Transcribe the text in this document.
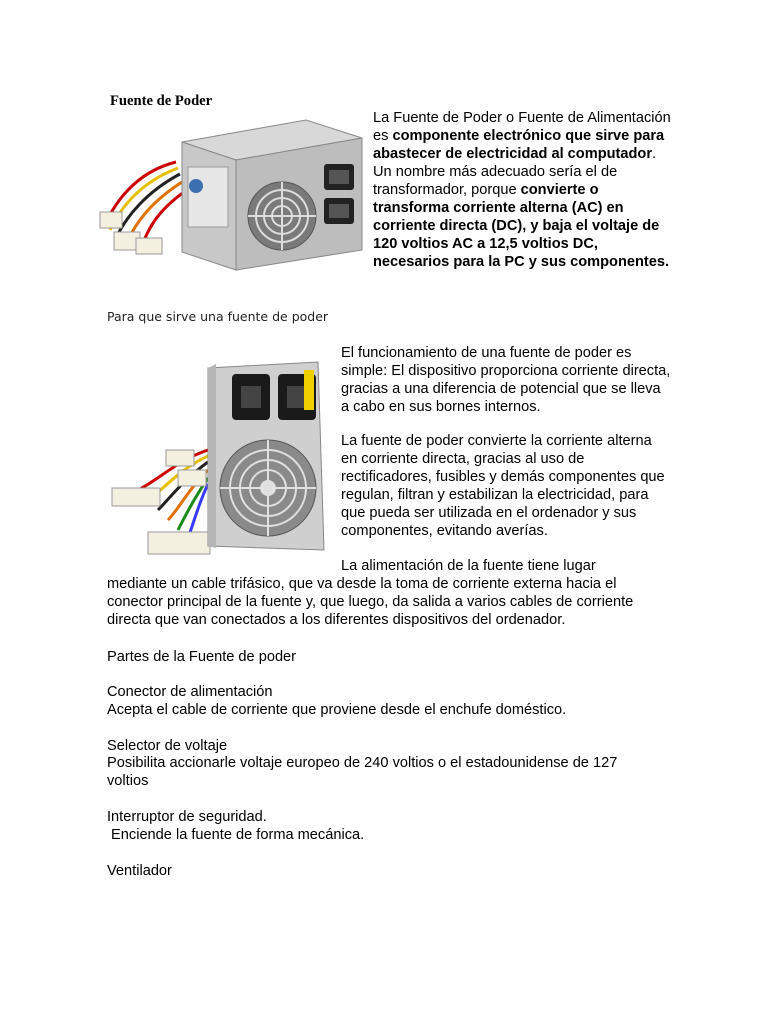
Fuente de Poder
La Fuente de Poder o Fuente de Alimentación es componente electrónico que sirve para abastecer de electricidad al computador. Un nombre más adecuado sería el de transformador, porque convierte o transforma corriente alterna (AC) en corriente directa (DC), y baja el voltaje de 120 voltios AC a 12,5 voltios DC, necesarios para la PC y sus componentes.
Para que sirve una fuente de poder

El funcionamiento de una fuente de poder es simple: El dispositivo proporciona corriente directa, gracias a una diferencia de potencial que se lleva a cabo en sus bornes internos.

La fuente de poder convierte la corriente alterna en corriente directa, gracias al uso de rectificadores, fusibles y demás componentes que regulan, filtran y estabilizan la electricidad, para que pueda ser utilizada en el ordenador y sus componentes, evitando averías.

La alimentación de la fuente tiene lugar
mediante un cable trifásico, que va desde la toma de corriente externa hacia el conector principal de la fuente y, que luego, da salida a varios cables de corriente directa que van conectados a los diferentes dispositivos del ordenador.
Partes de la Fuente de poder
Conector de alimentación
Acepta el cable de corriente que proviene desde el enchufe doméstico.
Selector de voltaje
Posibilita accionarle voltaje europeo de 240 voltios o el estadounidense de 127 voltios
Interruptor de seguridad.
Enciende la fuente de forma mecánica.
Ventilador
